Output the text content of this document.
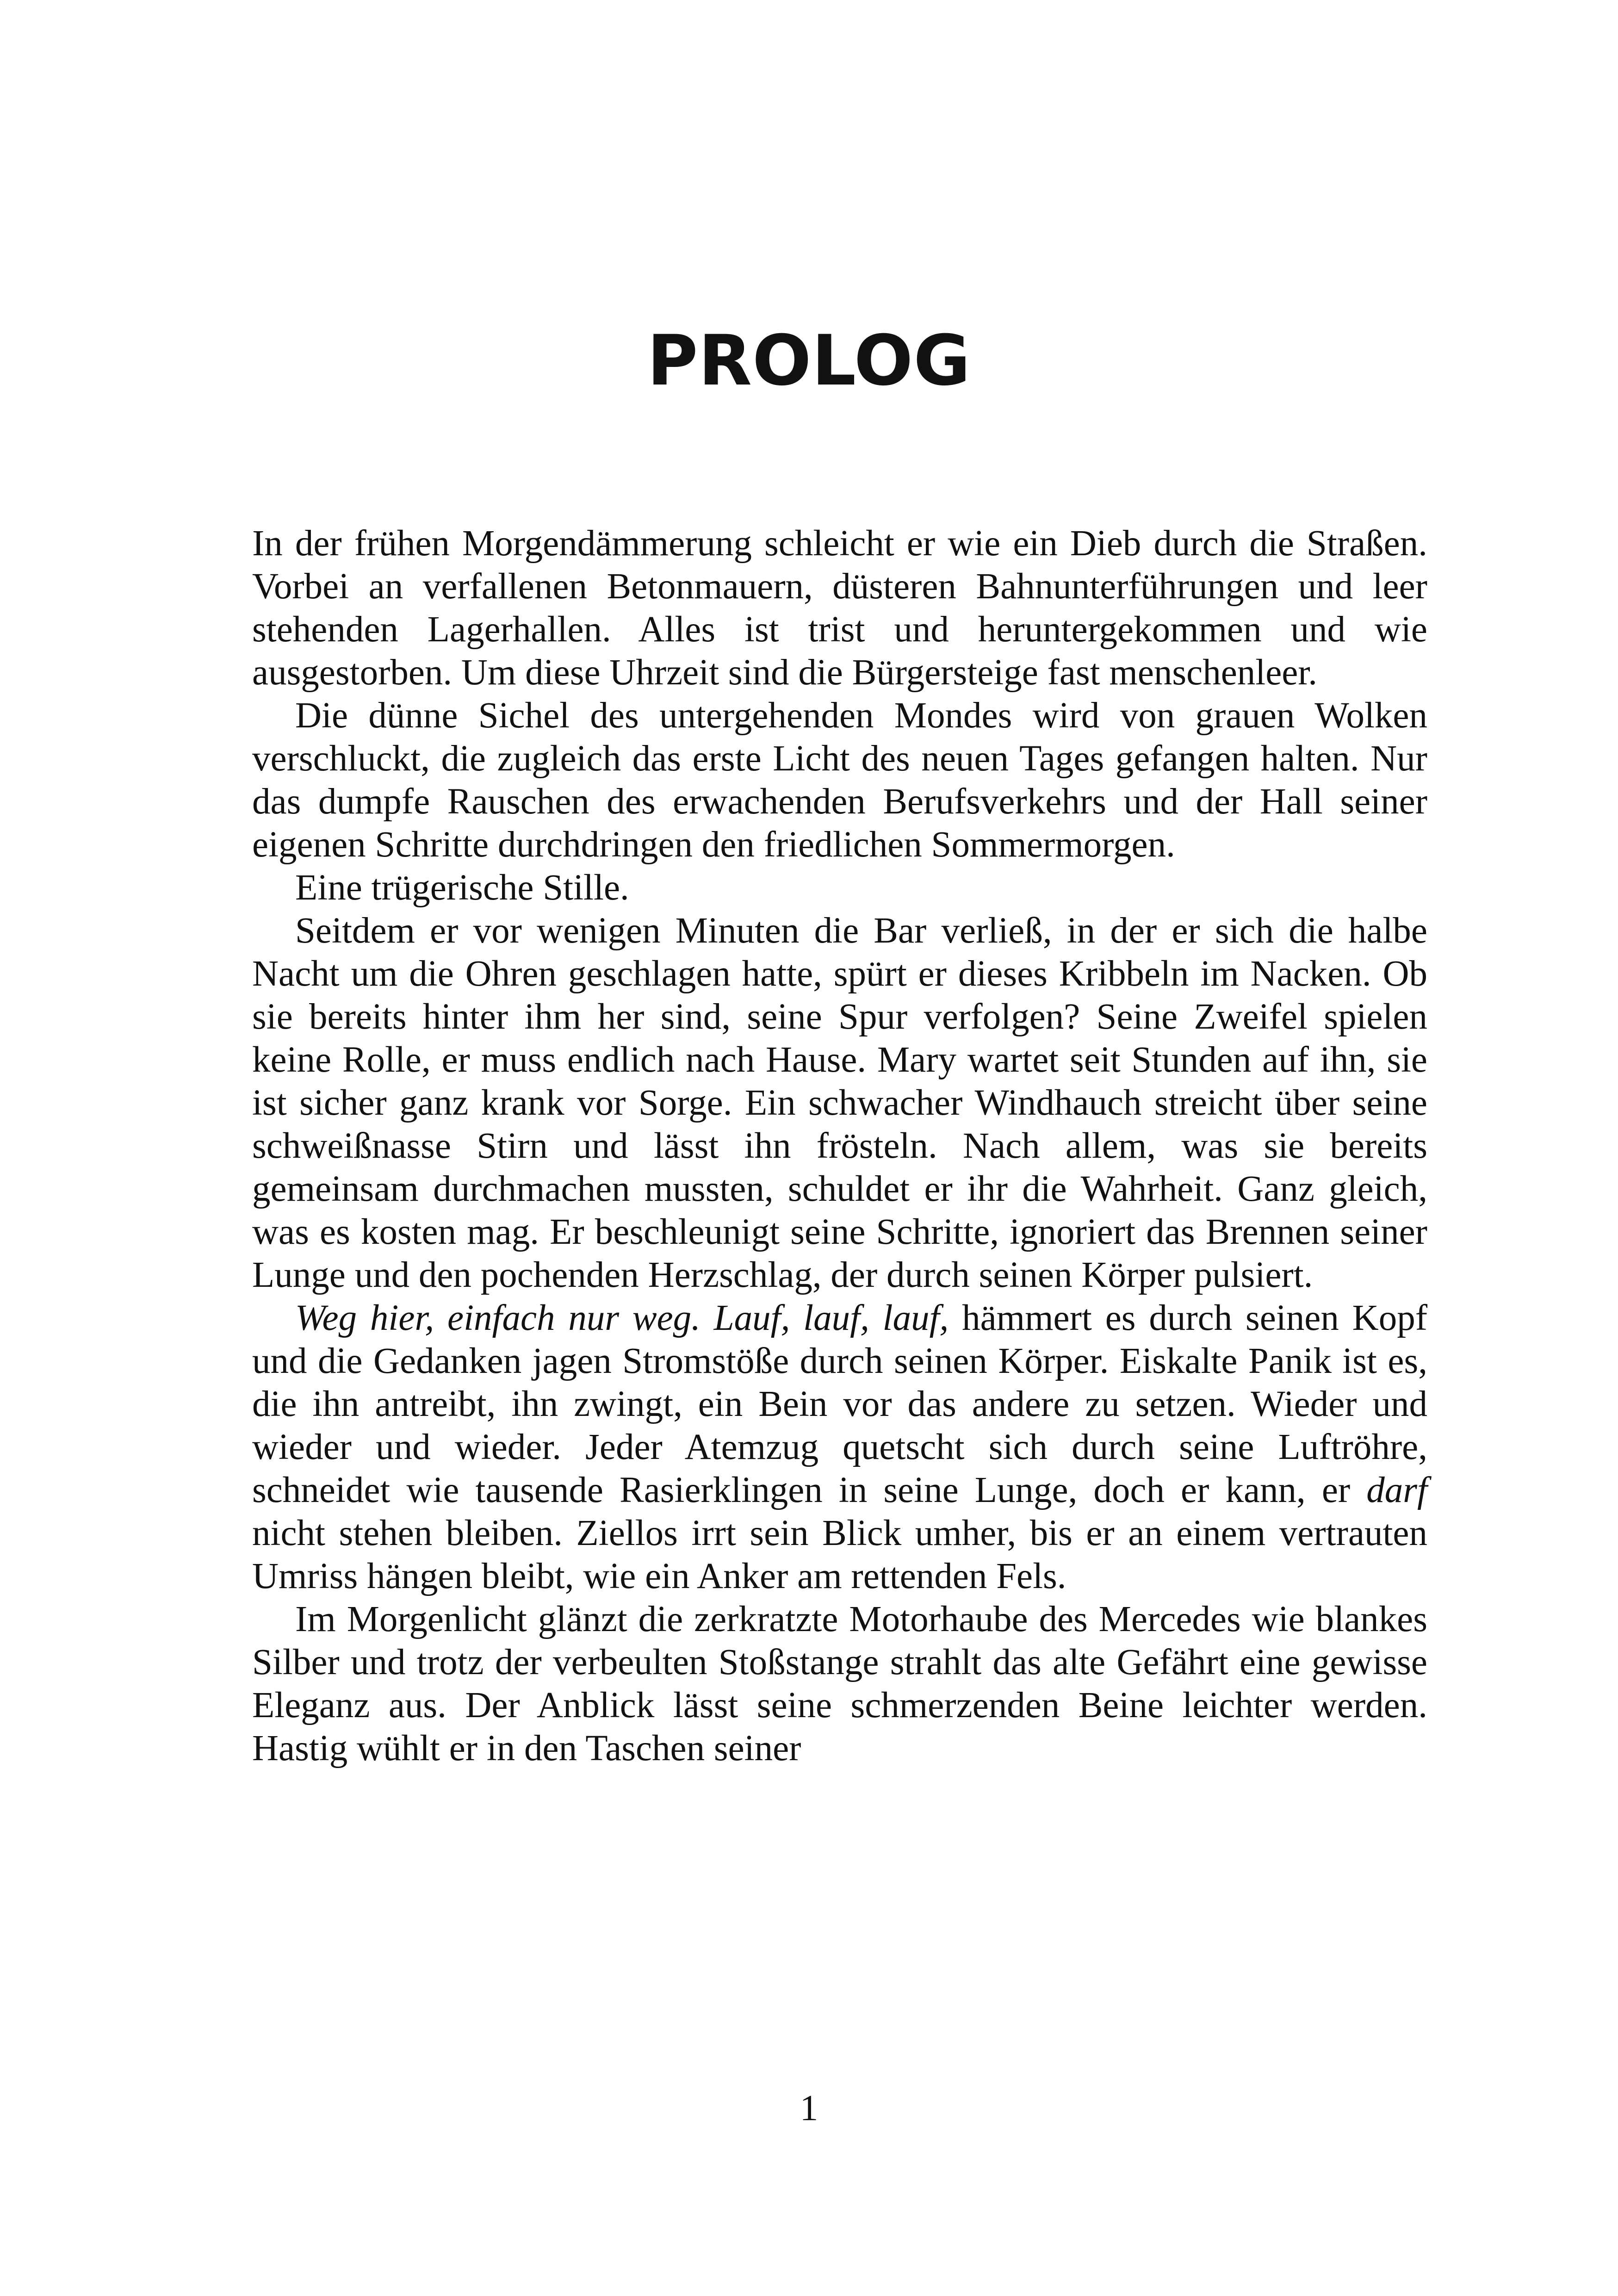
PROLOG

In der frühen Morgendämmerung schleicht er wie ein Dieb durch die Straßen. Vorbei an verfallenen Betonmauern, düsteren Bahnunterführungen und leer stehenden Lagerhallen. Alles ist trist und heruntergekommen und wie ausgestorben. Um diese Uhrzeit sind die Bürgersteige fast menschenleer.

Die dünne Sichel des untergehenden Mondes wird von grauen Wolken verschluckt, die zugleich das erste Licht des neuen Tages gefangen halten. Nur das dumpfe Rauschen des erwachenden Berufsverkehrs und der Hall seiner eigenen Schritte durchdringen den friedlichen Sommermorgen.

Eine trügerische Stille.

Seitdem er vor wenigen Minuten die Bar verließ, in der er sich die halbe Nacht um die Ohren geschlagen hatte, spürt er dieses Kribbeln im Nacken. Ob sie bereits hinter ihm her sind, seine Spur verfolgen? Seine Zweifel spielen keine Rolle, er muss endlich nach Hause. Mary wartet seit Stunden auf ihn, sie ist sicher ganz krank vor Sorge. Ein schwacher Windhauch streicht über seine schweißnasse Stirn und lässt ihn frösteln. Nach allem, was sie bereits gemeinsam durchmachen mussten, schuldet er ihr die Wahrheit. Ganz gleich, was es kosten mag. Er beschleunigt seine Schritte, ignoriert das Brennen seiner Lunge und den pochenden Herzschlag, der durch seinen Körper pulsiert.

Weg hier, einfach nur weg. Lauf, lauf, lauf, hämmert es durch seinen Kopf und die Gedanken jagen Stromstöße durch seinen Körper. Eiskalte Panik ist es, die ihn antreibt, ihn zwingt, ein Bein vor das andere zu setzen. Wieder und wieder und wieder. Jeder Atemzug quetscht sich durch seine Luftröhre, schneidet wie tausende Rasierklingen in seine Lunge, doch er kann, er darf nicht stehen bleiben. Ziellos irrt sein Blick umher, bis er an einem vertrauten Umriss hängen bleibt, wie ein Anker am rettenden Fels.

Im Morgenlicht glänzt die zerkratzte Motorhaube des Mercedes wie blankes Silber und trotz der verbeulten Stoßstange strahlt das alte Gefährt eine gewisse Eleganz aus. Der Anblick lässt seine schmerzenden Beine leichter werden. Hastig wühlt er in den Taschen seiner

1
